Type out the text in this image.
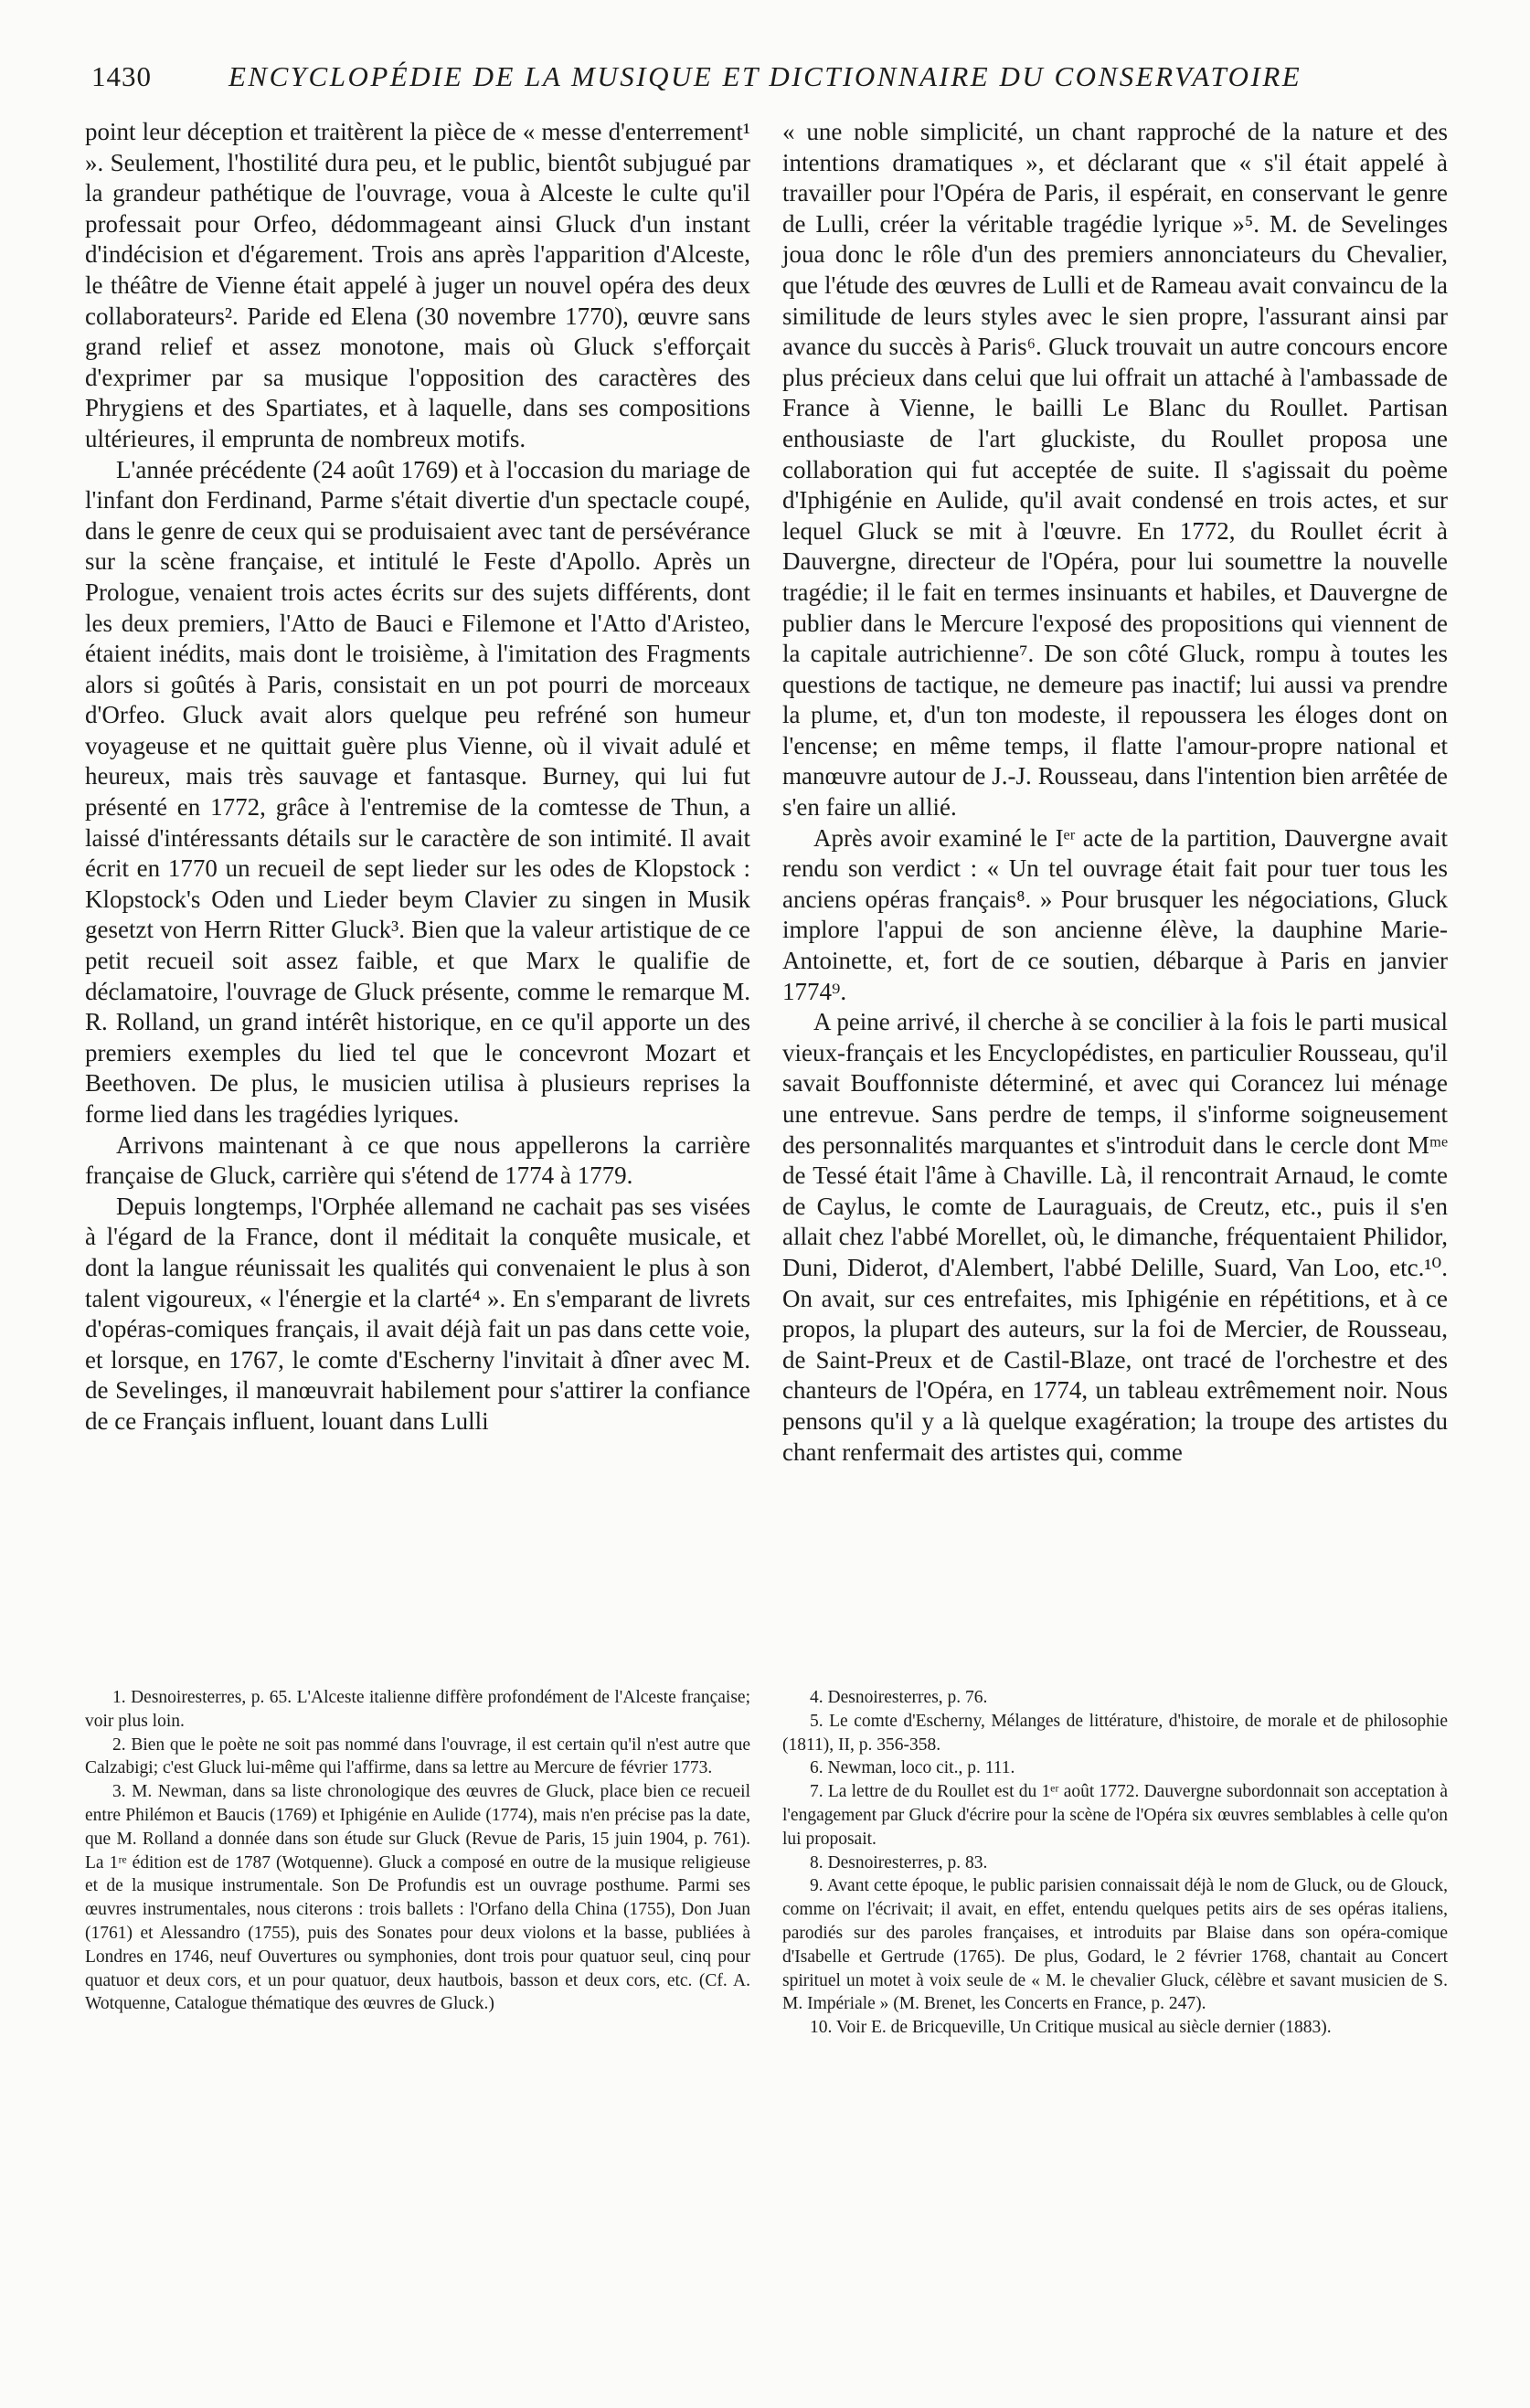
1430	ENCYCLOPÉDIE DE LA MUSIQUE ET DICTIONNAIRE DU CONSERVATOIRE

point leur déception et traitèrent la pièce de « messe d'enterrement¹ ». Seulement, l'hostilité dura peu, et le public, bientôt subjugué par la grandeur pathétique de l'ouvrage, voua à Alceste le culte qu'il professait pour Orfeo, dédommageant ainsi Gluck d'un instant d'indécision et d'égarement. Trois ans après l'apparition d'Alceste, le théâtre de Vienne était appelé à juger un nouvel opéra des deux collaborateurs². Paride ed Elena (30 novembre 1770), œuvre sans grand relief et assez monotone, mais où Gluck s'efforçait d'exprimer par sa musique l'opposition des caractères des Phrygiens et des Spartiates, et à laquelle, dans ses compositions ultérieures, il emprunta de nombreux motifs.

L'année précédente (24 août 1769) et à l'occasion du mariage de l'infant don Ferdinand, Parme s'était divertie d'un spectacle coupé, dans le genre de ceux qui se produisaient avec tant de persévérance sur la scène française, et intitulé le Feste d'Apollo. Après un Prologue, venaient trois actes écrits sur des sujets différents, dont les deux premiers, l'Atto de Bauci e Filemone et l'Atto d'Aristeo, étaient inédits, mais dont le troisième, à l'imitation des Fragments alors si goûtés à Paris, consistait en un pot pourri de morceaux d'Orfeo. Gluck avait alors quelque peu refréné son humeur voyageuse et ne quittait guère plus Vienne, où il vivait adulé et heureux, mais très sauvage et fantasque. Burney, qui lui fut présenté en 1772, grâce à l'entremise de la comtesse de Thun, a laissé d'intéressants détails sur le caractère de son intimité. Il avait écrit en 1770 un recueil de sept lieder sur les odes de Klopstock : Klopstock's Oden und Lieder beym Clavier zu singen in Musik gesetzt von Herrn Ritter Gluck³. Bien que la valeur artistique de ce petit recueil soit assez faible, et que Marx le qualifie de déclamatoire, l'ouvrage de Gluck présente, comme le remarque M. R. Rolland, un grand intérêt historique, en ce qu'il apporte un des premiers exemples du lied tel que le concevront Mozart et Beethoven. De plus, le musicien utilisa à plusieurs reprises la forme lied dans les tragédies lyriques.

Arrivons maintenant à ce que nous appellerons la carrière française de Gluck, carrière qui s'étend de 1774 à 1779.

Depuis longtemps, l'Orphée allemand ne cachait pas ses visées à l'égard de la France, dont il méditait la conquête musicale, et dont la langue réunissait les qualités qui convenaient le plus à son talent vigoureux, « l'énergie et la clarté⁴ ». En s'emparant de livrets d'opéras-comiques français, il avait déjà fait un pas dans cette voie, et lorsque, en 1767, le comte d'Escherny l'invitait à dîner avec M. de Sevelinges, il manœuvrait habilement pour s'attirer la confiance de ce Français influent, louant dans Lulli

« une noble simplicité, un chant rapproché de la nature et des intentions dramatiques », et déclarant que « s'il était appelé à travailler pour l'Opéra de Paris, il espérait, en conservant le genre de Lulli, créer la véritable tragédie lyrique »⁵. M. de Sevelinges joua donc le rôle d'un des premiers annonciateurs du Chevalier, que l'étude des œuvres de Lulli et de Rameau avait convaincu de la similitude de leurs styles avec le sien propre, l'assurant ainsi par avance du succès à Paris⁶. Gluck trouvait un autre concours encore plus précieux dans celui que lui offrait un attaché à l'ambassade de France à Vienne, le bailli Le Blanc du Roullet. Partisan enthousiaste de l'art gluckiste, du Roullet proposa une collaboration qui fut acceptée de suite. Il s'agissait du poème d'Iphigénie en Aulide, qu'il avait condensé en trois actes, et sur lequel Gluck se mit à l'œuvre. En 1772, du Roullet écrit à Dauvergne, directeur de l'Opéra, pour lui soumettre la nouvelle tragédie; il le fait en termes insinuants et habiles, et Dauvergne de publier dans le Mercure l'exposé des propositions qui viennent de la capitale autrichienne⁷. De son côté Gluck, rompu à toutes les questions de tactique, ne demeure pas inactif; lui aussi va prendre la plume, et, d'un ton modeste, il repoussera les éloges dont on l'encense; en même temps, il flatte l'amour-propre national et manœuvre autour de J.-J. Rousseau, dans l'intention bien arrêtée de s'en faire un allié.

Après avoir examiné le Iᵉʳ acte de la partition, Dauvergne avait rendu son verdict : « Un tel ouvrage était fait pour tuer tous les anciens opéras français⁸. » Pour brusquer les négociations, Gluck implore l'appui de son ancienne élève, la dauphine Marie-Antoinette, et, fort de ce soutien, débarque à Paris en janvier 1774⁹.

A peine arrivé, il cherche à se concilier à la fois le parti musical vieux-français et les Encyclopédistes, en particulier Rousseau, qu'il savait Bouffonniste déterminé, et avec qui Corancez lui ménage une entrevue. Sans perdre de temps, il s'informe soigneusement des personnalités marquantes et s'introduit dans le cercle dont Mᵐᵉ de Tessé était l'âme à Chaville. Là, il rencontrait Arnaud, le comte de Caylus, le comte de Lauraguais, de Creutz, etc., puis il s'en allait chez l'abbé Morellet, où, le dimanche, fréquentaient Philidor, Duni, Diderot, d'Alembert, l'abbé Delille, Suard, Van Loo, etc.¹⁰. On avait, sur ces entrefaites, mis Iphigénie en répétitions, et à ce propos, la plupart des auteurs, sur la foi de Mercier, de Rousseau, de Saint-Preux et de Castil-Blaze, ont tracé de l'orchestre et des chanteurs de l'Opéra, en 1774, un tableau extrêmement noir. Nous pensons qu'il y a là quelque exagération; la troupe des artistes du chant renfermait des artistes qui, comme

1. Desnoiresterres, p. 65. L'Alceste italienne diffère profondément de l'Alceste française; voir plus loin.

2. Bien que le poète ne soit pas nommé dans l'ouvrage, il est certain qu'il n'est autre que Calzabigi; c'est Gluck lui-même qui l'affirme, dans sa lettre au Mercure de février 1773.

3. M. Newman, dans sa liste chronologique des œuvres de Gluck, place bien ce recueil entre Philémon et Baucis (1769) et Iphigénie en Aulide (1774), mais n'en précise pas la date, que M. Rolland a donnée dans son étude sur Gluck (Revue de Paris, 15 juin 1904, p. 761). La 1ʳᵉ édition est de 1787 (Wotquenne). Gluck a composé en outre de la musique religieuse et de la musique instrumentale. Son De Profundis est un ouvrage posthume. Parmi ses œuvres instrumentales, nous citerons : trois ballets : l'Orfano della China (1755), Don Juan (1761) et Alessandro (1755), puis des Sonates pour deux violons et la basse, publiées à Londres en 1746, neuf Ouvertures ou symphonies, dont trois pour quatuor seul, cinq pour quatuor et deux cors, et un pour quatuor, deux hautbois, basson et deux cors, etc. (Cf. A. Wotquenne, Catalogue thématique des œuvres de Gluck.)

4. Desnoiresterres, p. 76.

5. Le comte d'Escherny, Mélanges de littérature, d'histoire, de morale et de philosophie (1811), II, p. 356-358.

6. Newman, loco cit., p. 111.

7. La lettre de du Roullet est du 1ᵉʳ août 1772. Dauvergne subordonnait son acceptation à l'engagement par Gluck d'écrire pour la scène de l'Opéra six œuvres semblables à celle qu'on lui proposait.

8. Desnoiresterres, p. 83.

9. Avant cette époque, le public parisien connaissait déjà le nom de Gluck, ou de Glouck, comme on l'écrivait; il avait, en effet, entendu quelques petits airs de ses opéras italiens, parodiés sur des paroles françaises, et introduits par Blaise dans son opéra-comique d'Isabelle et Gertrude (1765). De plus, Godard, le 2 février 1768, chantait au Concert spirituel un motet à voix seule de « M. le chevalier Gluck, célèbre et savant musicien de S. M. Impériale » (M. Brenet, les Concerts en France, p. 247).

10. Voir E. de Bricqueville, Un Critique musical au siècle dernier (1883).
